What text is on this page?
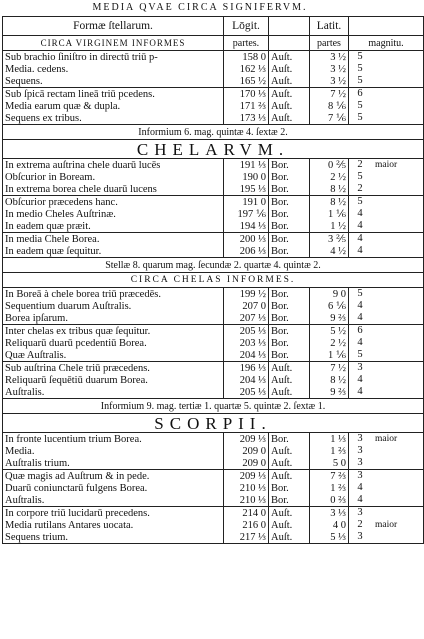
MEDIA QVAE CIRCA SIGNIFERVM.
Formæ ſtellarum.	Lōgit.		Latit.	
CIRCA VIRGINEM INFORMES	partes.		partes	magnitu.
Sub brachio ſiniſtro in directū triū p-	158 0	Auſt.	3 ½	5
Media. cedens.	162 ⅓	Auſt.	3 ½	5
Sequens.	165 ½	Auſt.	3 ½	5
Sub ſpicā rectam lineā triū pcedens.	170 ⅓	Auſt.	7 ½	6
Media earum quæ & dupla.	171 ⅔	Auſt.	8 ⅙	5
Sequens ex tribus.	173 ⅓	Auſt.	7 ⅙	5
Informium 6. mag. quintæ 4. ſextæ 2.				
CHELARVM.				
In extrema auſtrina chele duarū lucēs	191 ⅓	Bor.	0 ⅖	2 maior
Obſcurior in Boream.	190 0	Bor.	2 ½	5
In extrema borea chele duarū lucens	195 ⅓	Bor.	8 ½	2
Obſcurior præcedens hanc.	191 0	Bor.	8 ½	5
In medio Cheles Auſtrinæ.	197 ⅙	Bor.	1 ⅙	4
In eadem quæ præit.	194 ⅓	Bor.	1 ½	4
In media Chele Borea.	200 ⅓	Bor.	3 ⅖	4
In eadem quæ ſequitur.	206 ⅓	Bor.	4 ½	4
Stellæ 8. quarum mag. ſecundæ 2. quartæ 4. quintæ 2.				
CIRCA CHELAS INFORMES.				
In Boreā à chele borea triū præcedēs.	199 ½	Bor.	9 0	5
Sequentium duarum Auſtralis.	207 0	Bor.	6 ⅙	4
Borea ipſarum.	207 ⅓	Bor.	9 ⅔	4
Inter chelas ex tribus quæ ſequitur.	205 ⅓	Bor.	5 ½	6
Reliquarū duarū pcedentiū Borea.	203 ⅓	Bor.	2 ½	4
Quæ Auſtralis.	204 ⅓	Bor.	1 ⅙	5
Sub auſtrina Chele triū præcedens.	196 ⅓	Auſt.	7 ½	3
Reliquarū ſequētiū duarum Borea.	204 ⅓	Auſt.	8 ½	4
Auſtralis.	205 ⅓	Auſt.	9 ⅔	4
Informium 9. mag. tertiæ 1. quartæ 5. quintæ 2. ſextæ 1.				
SCORPII.				
In fronte lucentium trium Borea.	209 ⅓	Bor.	1 ⅓	3 maior
Media.	209 0	Auſt.	1 ⅔	3
Auſtralis trium.	209 0	Auſt.	5 0	3
Quæ magis ad Auſtrum & in pede.	209 ⅓	Auſt.	7 ⅔	3
Duarū coniunctarū fulgens Borea.	210 ⅓	Bor.	1 ⅔	4
Auſtralis.	210 ⅓	Bor.	0 ⅔	4
In corpore triū lucidarū precedens.	214 0	Auſt.	3 ⅓	3
Media rutilans Antares uocata.	216 0	Auſt.	4 0	2 maior
Sequens trium.	217 ⅓	Auſt.	5 ⅓	3
